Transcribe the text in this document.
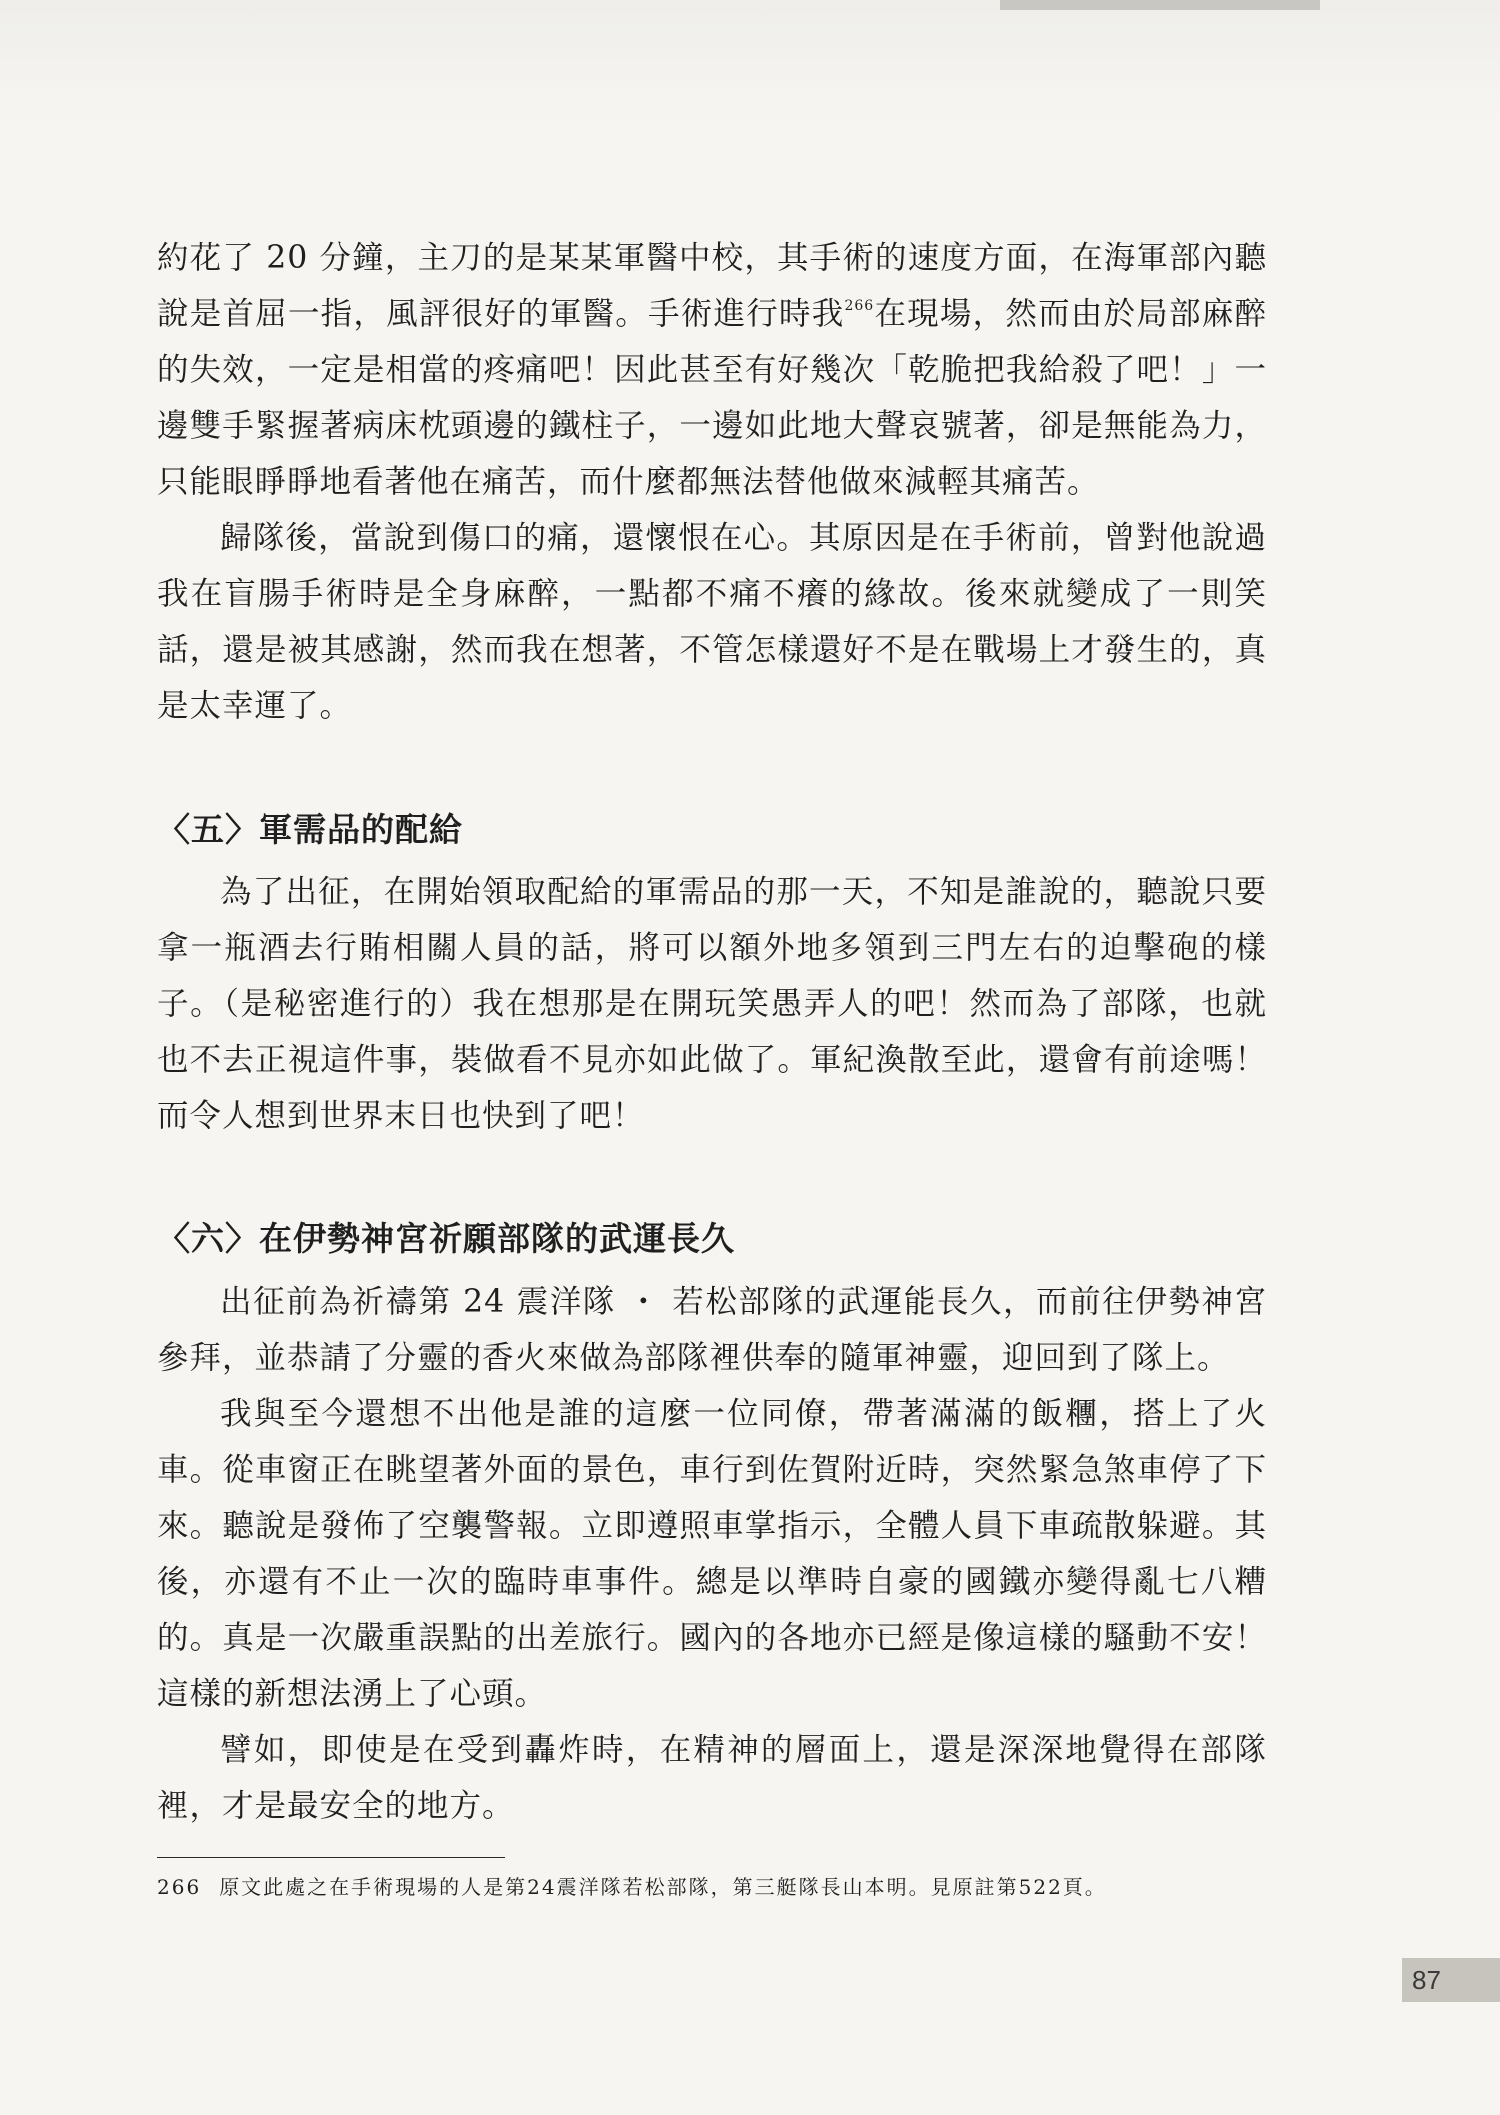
約花了 20 分鐘，主刀的是某某軍醫中校，其手術的速度方面，在海軍部內聽說是首屈一指，風評很好的軍醫。手術進行時我$^{266}$在現場，然而由於局部麻醉的失效，一定是相當的疼痛吧！因此甚至有好幾次「乾脆把我給殺了吧！」一邊雙手緊握著病床枕頭邊的鐵柱子，一邊如此地大聲哀號著，卻是無能為力，只能眼睜睜地看著他在痛苦，而什麼都無法替他做來減輕其痛苦。

歸隊後，當說到傷口的痛，還懷恨在心。其原因是在手術前，曾對他說過我在盲腸手術時是全身麻醉，一點都不痛不癢的緣故。後來就變成了一則笑話，還是被其感謝，然而我在想著，不管怎樣還好不是在戰場上才發生的，真是太幸運了。

〈五〉軍需品的配給

為了出征，在開始領取配給的軍需品的那一天，不知是誰說的，聽說只要拿一瓶酒去行賄相關人員的話，將可以額外地多領到三門左右的迫擊砲的樣子。（是秘密進行的）我在想那是在開玩笑愚弄人的吧！然而為了部隊，也就也不去正視這件事，裝做看不見亦如此做了。軍紀渙散至此，還會有前途嗎！而令人想到世界末日也快到了吧！

〈六〉在伊勢神宮祈願部隊的武運長久

出征前為祈禱第 24 震洋隊 ・ 若松部隊的武運能長久，而前往伊勢神宮參拜，並恭請了分靈的香火來做為部隊裡供奉的隨軍神靈，迎回到了隊上。

我與至今還想不出他是誰的這麼一位同僚，帶著滿滿的飯糰，搭上了火車。從車窗正在眺望著外面的景色，車行到佐賀附近時，突然緊急煞車停了下來。聽說是發佈了空襲警報。立即遵照車掌指示，全體人員下車疏散躲避。其後，亦還有不止一次的臨時車事件。總是以準時自豪的國鐵亦變得亂七八糟的。真是一次嚴重誤點的出差旅行。國內的各地亦已經是像這樣的騷動不安！這樣的新想法湧上了心頭。

譬如，即使是在受到轟炸時，在精神的層面上，還是深深地覺得在部隊裡，才是最安全的地方。

266 原文此處之在手術現場的人是第24震洋隊若松部隊，第三艇隊長山本明。見原註第522頁。
87
